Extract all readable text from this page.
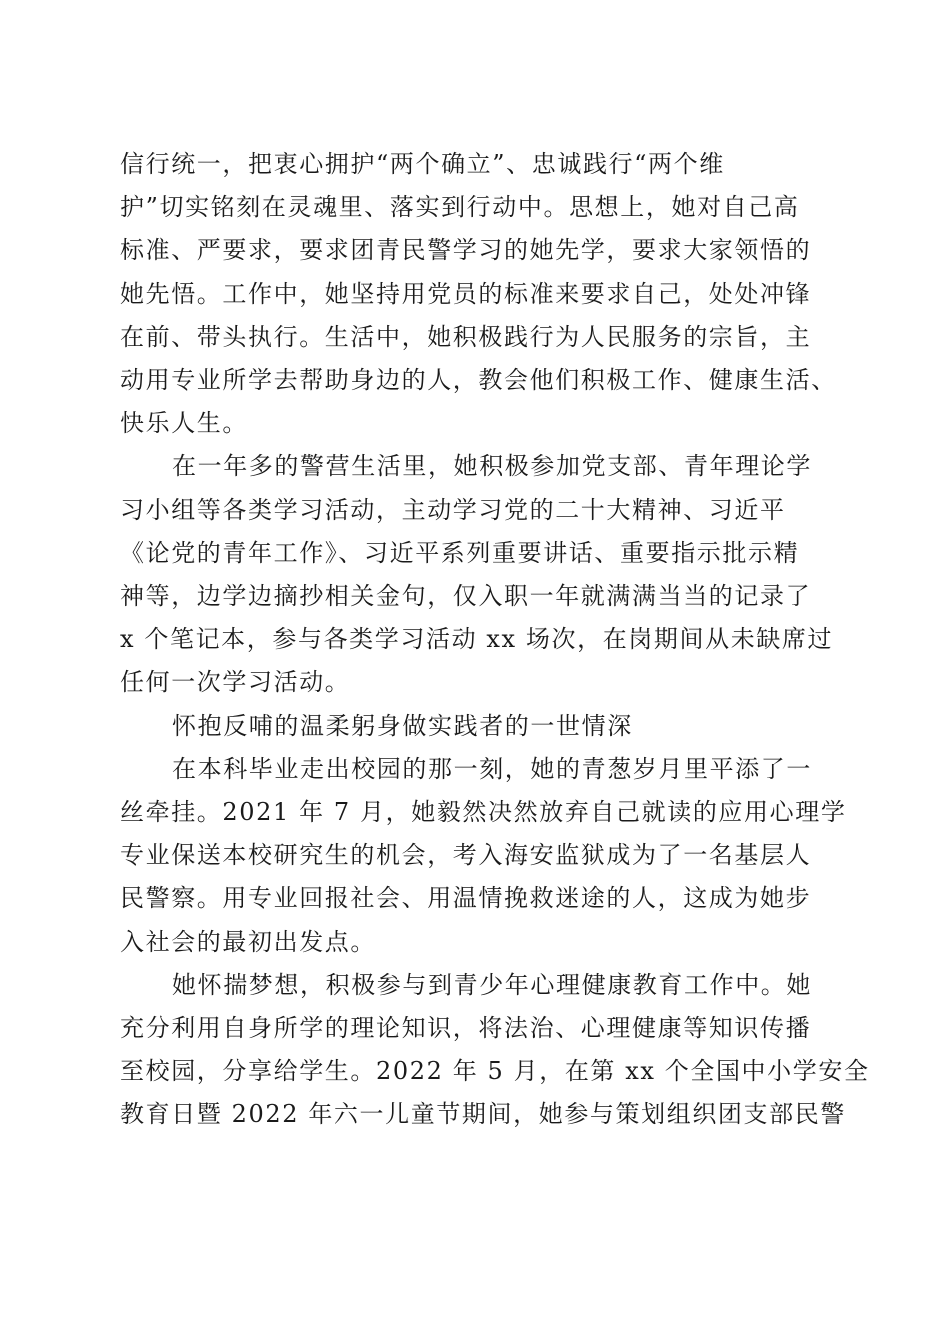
信行统一，把衷心拥护“两个确立”、忠诚践行“两个维
护”切实铭刻在灵魂里、落实到行动中。思想上，她对自己高
标准、严要求，要求团青民警学习的她先学，要求大家领悟的
她先悟。工作中，她坚持用党员的标准来要求自己，处处冲锋
在前、带头执行。生活中，她积极践行为人民服务的宗旨，主
动用专业所学去帮助身边的人，教会他们积极工作、健康生活、
快乐人生。
在一年多的警营生活里，她积极参加党支部、青年理论学
习小组等各类学习活动，主动学习党的二十大精神、习近平
《论党的青年工作》、习近平系列重要讲话、重要指示批示精
神等，边学边摘抄相关金句，仅入职一年就满满当当的记录了
x 个笔记本，参与各类学习活动 xx 场次，在岗期间从未缺席过
任何一次学习活动。
怀抱反哺的温柔躬身做实践者的一世情深
在本科毕业走出校园的那一刻，她的青葱岁月里平添了一
丝牵挂。2021 年 7 月，她毅然决然放弃自己就读的应用心理学
专业保送本校研究生的机会，考入海安监狱成为了一名基层人
民警察。用专业回报社会、用温情挽救迷途的人，这成为她步
入社会的最初出发点。
她怀揣梦想，积极参与到青少年心理健康教育工作中。她
充分利用自身所学的理论知识，将法治、心理健康等知识传播
至校园，分享给学生。2022 年 5 月，在第 xx 个全国中小学安全
教育日暨 2022 年六一儿童节期间，她参与策划组织团支部民警
